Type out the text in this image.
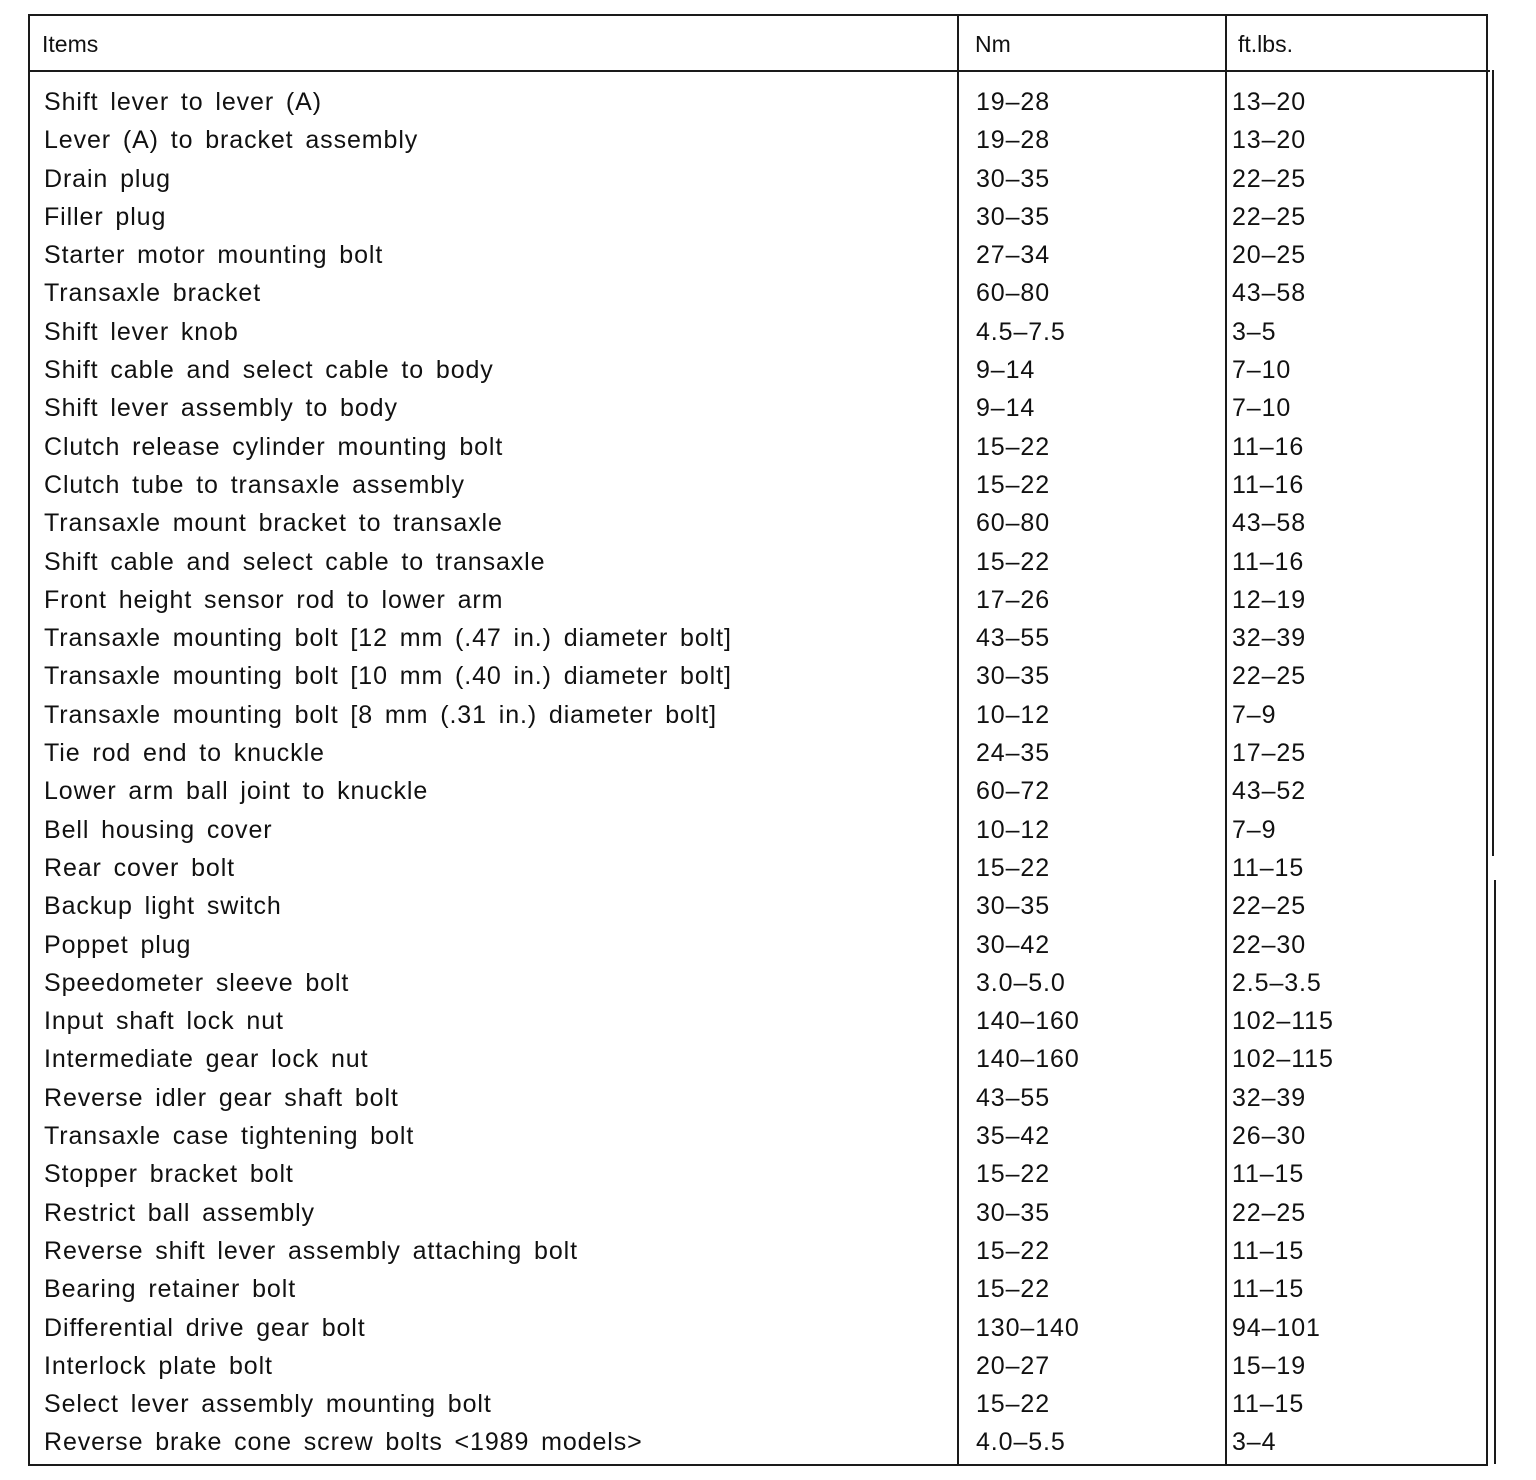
Items	Nm	ft.lbs.
Shift lever to lever (A)	19–28	13–20
Lever (A) to bracket assembly	19–28	13–20
Drain plug	30–35	22–25
Filler plug	30–35	22–25
Starter motor mounting bolt	27–34	20–25
Transaxle bracket	60–80	43–58
Shift lever knob	4.5–7.5	3–5
Shift cable and select cable to body	9–14	7–10
Shift lever assembly to body	9–14	7–10
Clutch release cylinder mounting bolt	15–22	11–16
Clutch tube to transaxle assembly	15–22	11–16
Transaxle mount bracket to transaxle	60–80	43–58
Shift cable and select cable to transaxle	15–22	11–16
Front height sensor rod to lower arm	17–26	12–19
Transaxle mounting bolt [12 mm (.47 in.) diameter bolt]	43–55	32–39
Transaxle mounting bolt [10 mm (.40 in.) diameter bolt]	30–35	22–25
Transaxle mounting bolt [8 mm (.31 in.) diameter bolt]	10–12	7–9
Tie rod end to knuckle	24–35	17–25
Lower arm ball joint to knuckle	60–72	43–52
Bell housing cover	10–12	7–9
Rear cover bolt	15–22	11–15
Backup light switch	30–35	22–25
Poppet plug	30–42	22–30
Speedometer sleeve bolt	3.0–5.0	2.5–3.5
Input shaft lock nut	140–160	102–115
Intermediate gear lock nut	140–160	102–115
Reverse idler gear shaft bolt	43–55	32–39
Transaxle case tightening bolt	35–42	26–30
Stopper bracket bolt	15–22	11–15
Restrict ball assembly	30–35	22–25
Reverse shift lever assembly attaching bolt	15–22	11–15
Bearing retainer bolt	15–22	11–15
Differential drive gear bolt	130–140	94–101
Interlock plate bolt	20–27	15–19
Select lever assembly mounting bolt	15–22	11–15
Reverse brake cone screw bolts <1989 models>	4.0–5.5	3–4
